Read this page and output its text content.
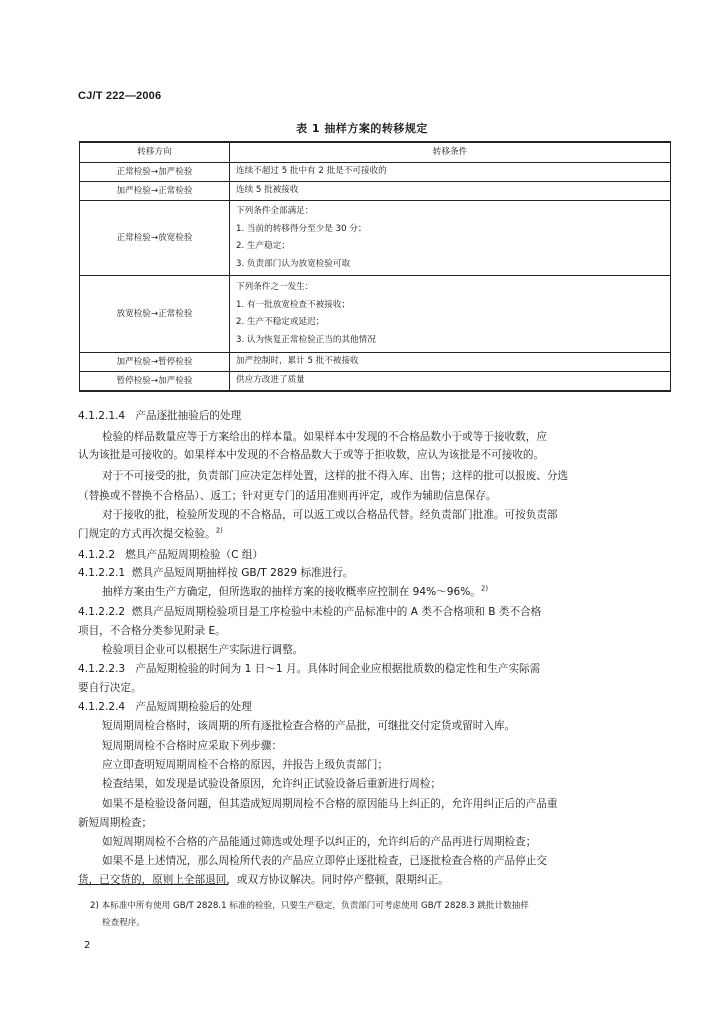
CJ/T 222—2006
表 1 抽样方案的转移规定
转移方向	转移条件
正常检验→加严检验	连续不超过 5 批中有 2 批是不可接收的

加严检验→正常检验	连续 5 批被接收

正常检验→放宽检验	下列条件全部满足：
1. 当前的转移得分至少是 30 分；
2. 生产稳定；
3. 负责部门认为放宽检验可取

放宽检验→正常检验	下列条件之一发生：
1. 有一批放宽检查不被接收；
2. 生产不稳定或延迟；
3. 认为恢复正常检验正当的其他情况

加严检验→暂停检验	加严控制时，累计 5 批不被接收

暂停检验→加严检验	供应方改进了质量
4.1.2.1.4 产品逐批抽验后的处理
检验的样品数量应等于方案给出的样本量。如果样本中发现的不合格品数小于或等于接收数，应
认为该批是可接收的。如果样本中发现的不合格品数大于或等于拒收数，应认为该批是不可接收的。
对于不可接受的批，负责部门应决定怎样处置，这样的批不得入库、出售；这样的批可以报废、分选
（替换或不替换不合格品）、返工；针对更专门的适用准则再评定，或作为辅助信息保存。
对于接收的批，检验所发现的不合格品，可以返工或以合格品代替。经负责部门批准。可按负责部
门规定的方式再次提交检验。$^{2)}$
4.1.2.2 燃具产品短周期检验（C 组）
4.1.2.2.1 燃具产品短周期抽样按 GB/T 2829 标准进行。
抽样方案由生产方确定，但所选取的抽样方案的接收概率应控制在 94%～96%。$^{2)}$
4.1.2.2.2 燃具产品短周期检验项目是工序检验中未检的产品标准中的 A 类不合格项和 B 类不合格
项目，不合格分类参见附录 E。
检验项目企业可以根据生产实际进行调整。
4.1.2.2.3 产品短期检验的时间为 1 日～1 月。具体时间企业应根据批质数的稳定性和生产实际需
要自行决定。
4.1.2.2.4 产品短周期检验后的处理
短周期周检合格时，该周期的所有逐批检查合格的产品批，可继批交付定货或留时入库。
短周期周检不合格时应采取下列步骤：
应立即查明短周期周检不合格的原因，并报告上级负责部门；
检查结果，如发现是试验设备原因，允许纠正试验设备后重新进行周检；
如果不是检验设备问题，但其造成短周期周检不合格的原因能马上纠正的，允许用纠正后的产品重
新短周期检查；
如短周期周检不合格的产品能通过筛选或处理予以纠正的，允许纠后的产品再进行周期检查；
如果不是上述情况，那么周检所代表的产品应立即停止逐批检查，已逐批检查合格的产品停止交
货，已交货的，原则上全部退回，或双方协议解决。同时停产整顿，限期纠正。
2) 本标准中所有使用 GB/T 2828.1 标准的检验，只要生产稳定，负责部门可考虑使用 GB/T 2828.3 跳批计数抽样
检查程序。
2
